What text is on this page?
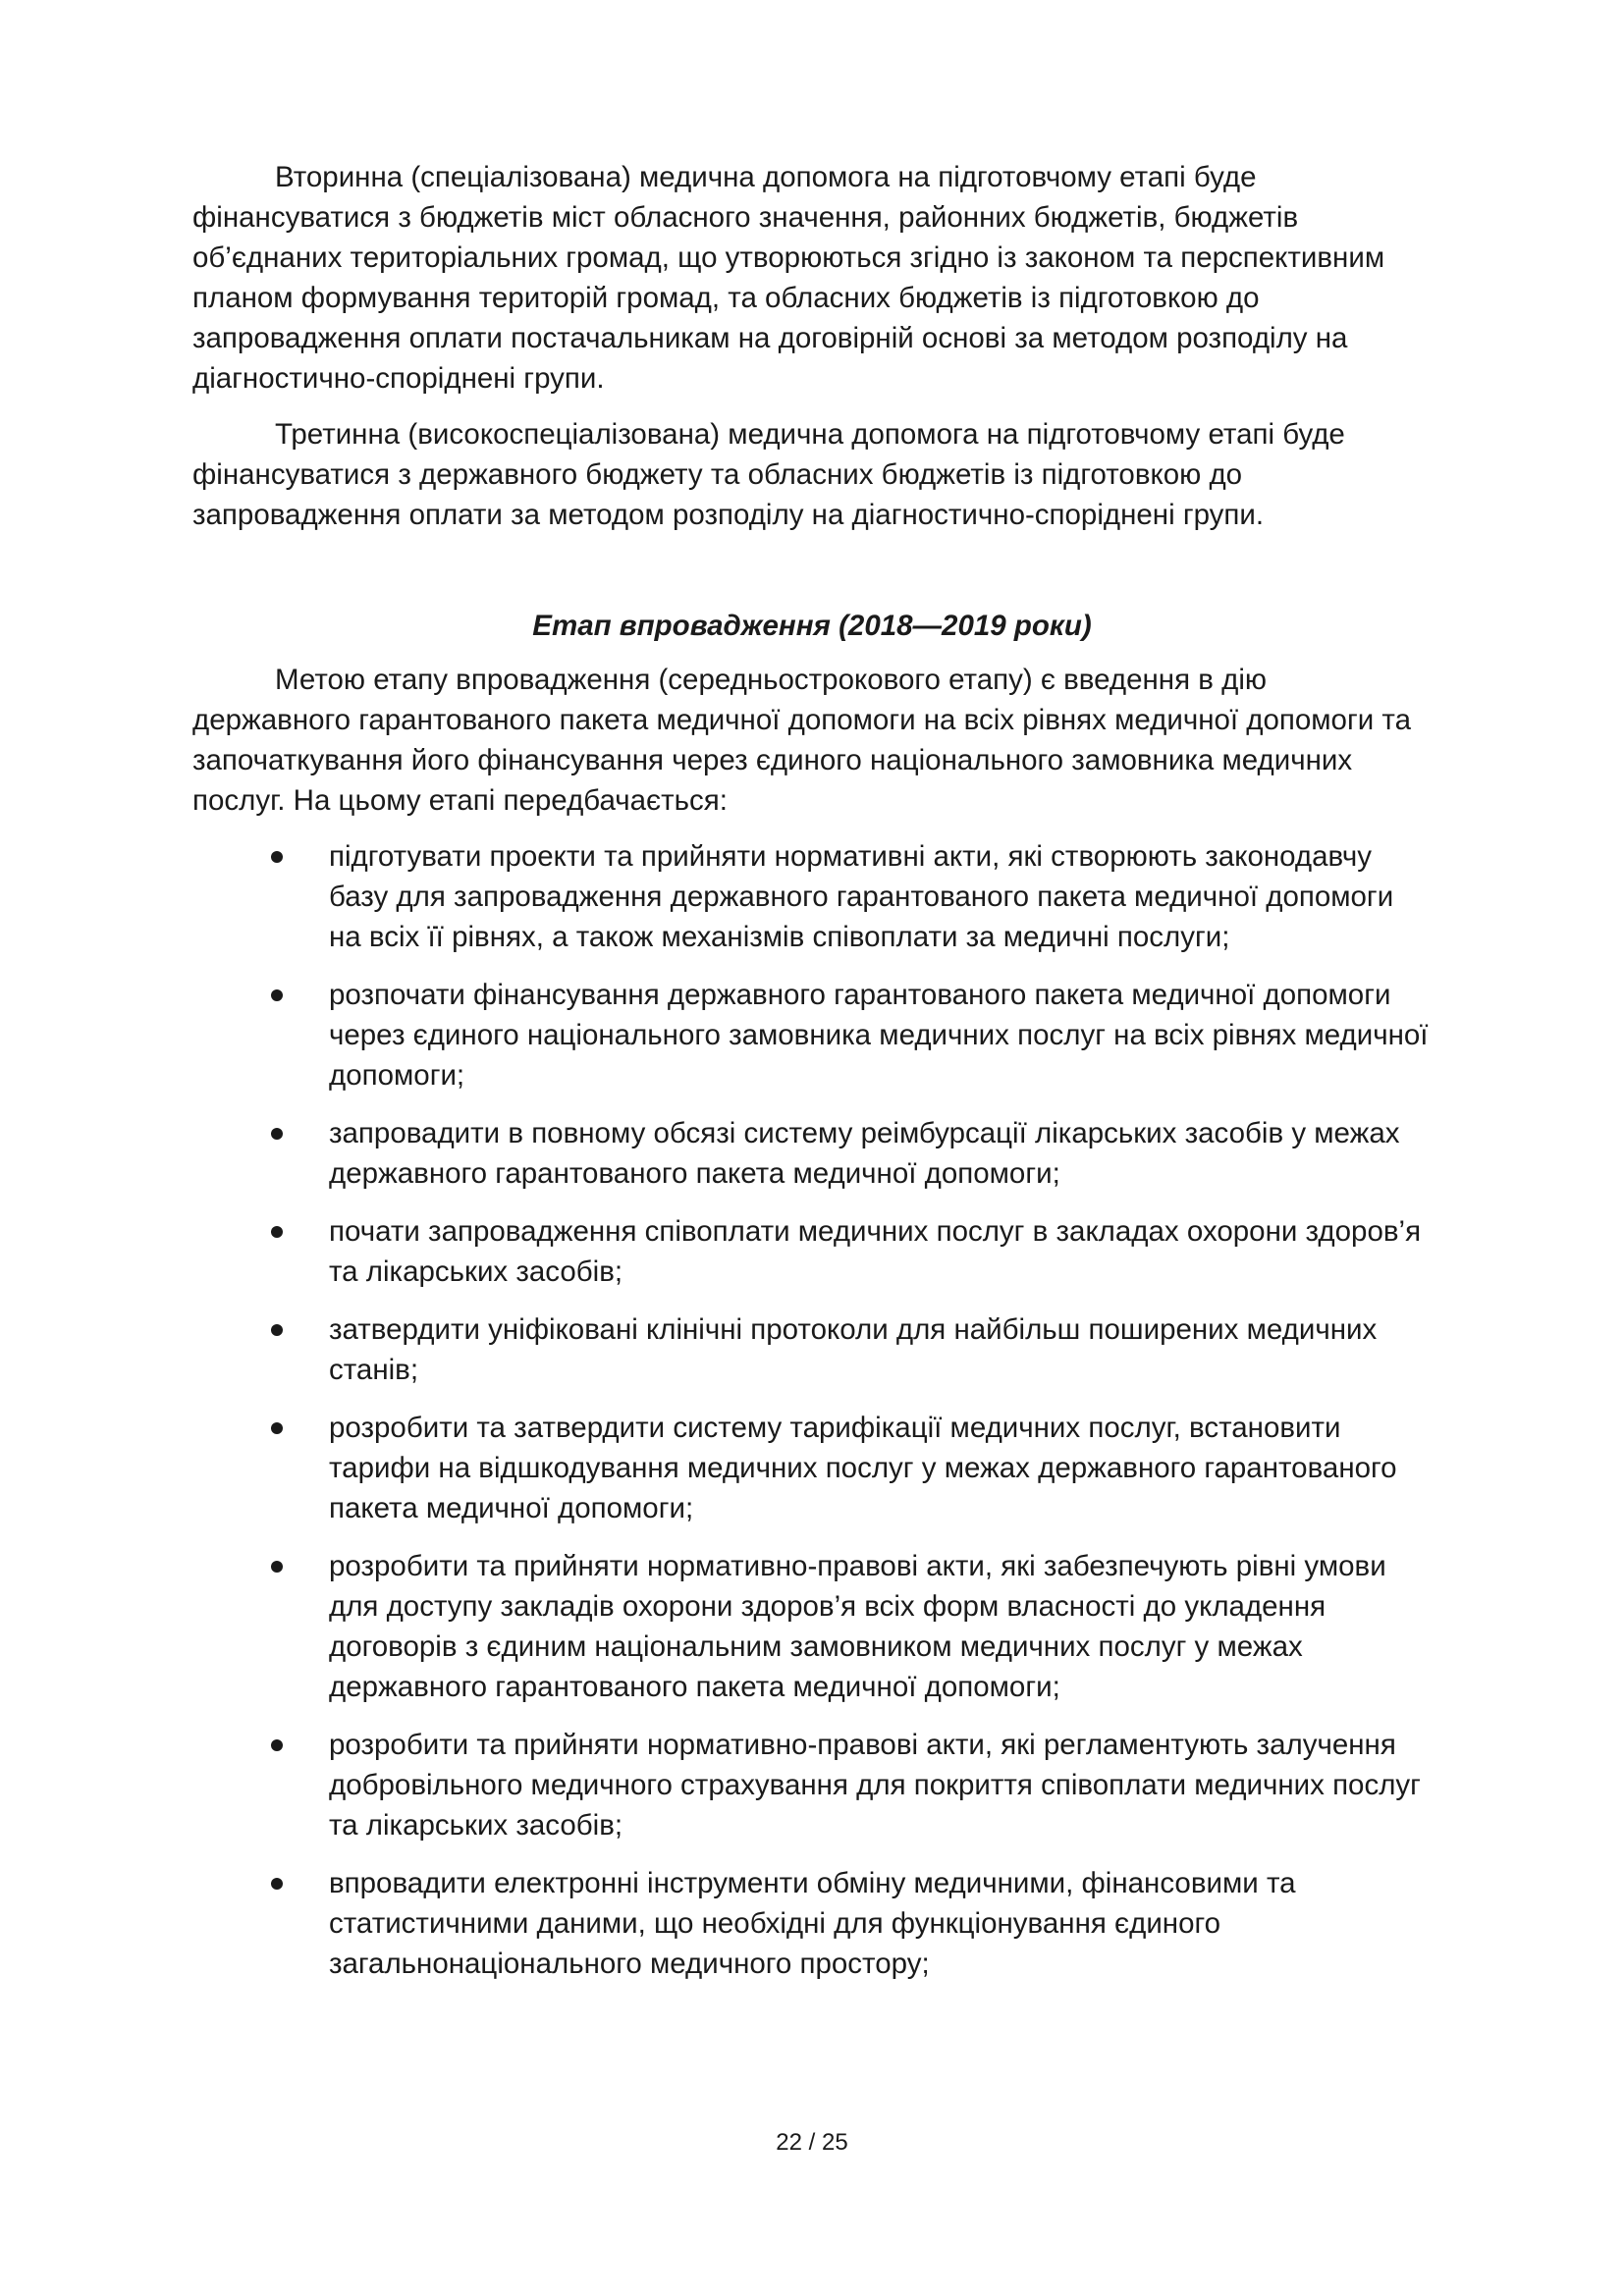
Вторинна (спеціалізована) медична допомога на підготовчому етапі буде фінансуватися з бюджетів міст обласного значення, районних бюджетів, бюджетів об’єднаних територіальних громад, що утворюються згідно із законом та перспективним планом формування територій громад, та обласних бюджетів із підготовкою до запровадження оплати постачальникам на договірній основі за методом розподілу на діагностично-споріднені групи.

Третинна (високоспеціалізована) медична допомога на підготовчому етапі буде фінансуватися з державного бюджету та обласних бюджетів із підготовкою до запровадження оплати за методом розподілу на діагностично-споріднені групи.

Етап впровадження (2018—2019 роки)

Метою етапу впровадження (середньострокового етапу) є введення в дію державного гарантованого пакета медичної допомоги на всіх рівнях медичної допомоги та започаткування його фінансування через єдиного національного замовника медичних послуг. На цьому етапі передбачається:

підготувати проекти та прийняти нормативні акти, які створюють законодавчу базу для запровадження державного гарантованого пакета медичної допомоги на всіх її рівнях, а також механізмів співоплати за медичні послуги;
розпочати фінансування державного гарантованого пакета медичної допомоги через єдиного національного замовника медичних послуг на всіх рівнях медичної допомоги;
запровадити в повному обсязі систему реімбурсації лікарських засобів у межах державного гарантованого пакета медичної допомоги;
почати запровадження співоплати медичних послуг в закладах охорони здоров’я та лікарських засобів;
затвердити уніфіковані клінічні протоколи для найбільш поширених медичних станів;
розробити та затвердити систему тарифікації медичних послуг, встановити тарифи на відшкодування медичних послуг у межах державного гарантованого пакета медичної допомоги;
розробити та прийняти нормативно-правові акти, які забезпечують рівні умови для доступу закладів охорони здоров’я всіх форм власності до укладення договорів з єдиним національним замовником медичних послуг у межах державного гарантованого пакета медичної допомоги;
розробити та прийняти нормативно-правові акти, які регламентують залучення добровільного медичного страхування для покриття співоплати медичних послуг та лікарських засобів;
впровадити електронні інструменти обміну медичними, фінансовими та статистичними даними, що необхідні для функціонування єдиного загальнонаціонального медичного простору;
22 / 25
